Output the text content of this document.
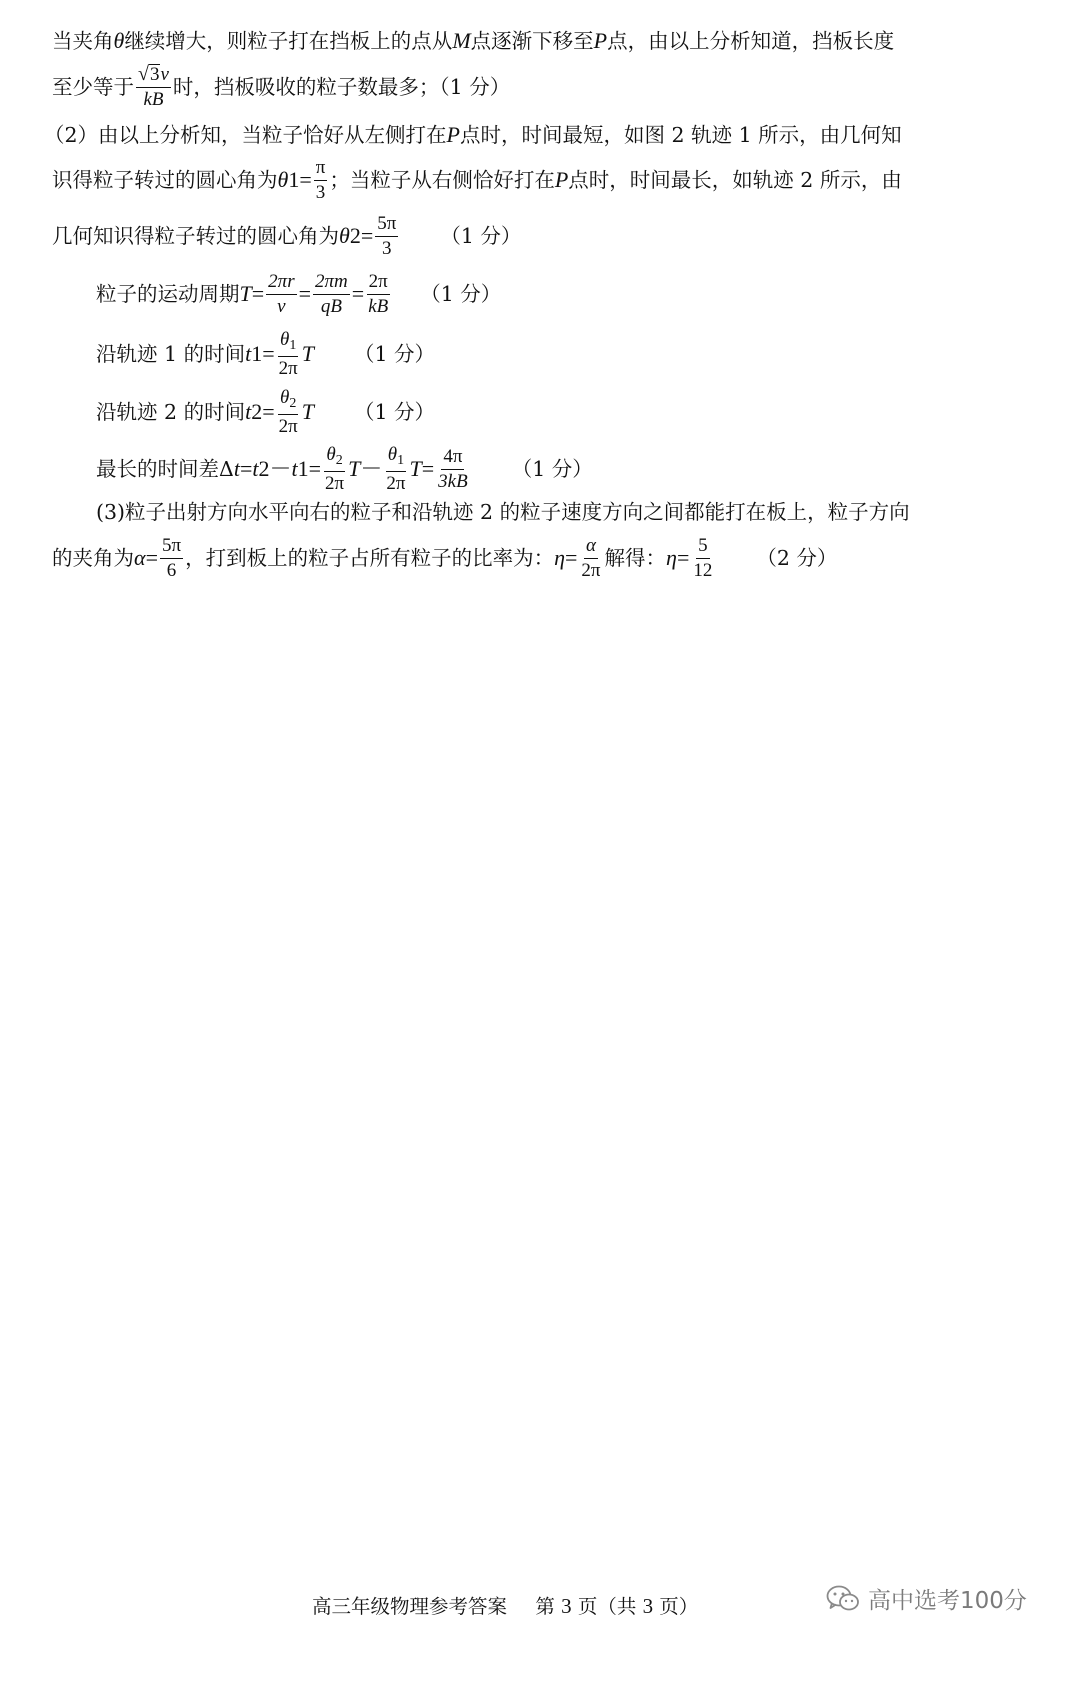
当夹角 θ 继续增大，则粒子打在挡板上的点从 M 点逐渐下移至 P 点，由以上分析知道，挡板长度
至少等于 $\frac{√ 3 v}{kB}$ 时，挡板吸收的粒子数最多；（1 分）
（2）由以上分析知，当粒子恰好从左侧打在 P 点时，时间最短，如图 2 轨迹 1 所示，由几何知
识得粒子转过的圆心角为 θ $1 = \frac{\pi}{3}$ ；当粒子从右侧恰好打在 P 点时，时间最长，如轨迹 2 所示，由
几何知识得粒子转过的圆心角为 θ $2 = \frac{5\pi}{3} (1$ 分）
粒子的运动周期 $T = \frac{2\pi r}{v} = \frac{2\pi m}{qB} = \frac{2\pi}{kB} (1$ 分）
沿轨迹 1 的时间 t $1 = \frac{\theta_1}{2\pi}$ T （1 分）
沿轨迹 2 的时间 t $2 = \frac{\theta_2}{2\pi}$ T （1 分）
最长的时间差Δ t = t 2 － t $1 = \frac{\theta_2}{2\pi}$ $T - \frac{\theta_1}{2\pi}$ $T = \frac{4\pi}{3kB} (1$ 分）
(3)粒子出射方向水平向右的粒子和沿轨迹 2 的粒子速度方向之间都能打在板上，粒子方向
的夹角为 $\alpha = \frac{5\pi}{6}$ ，打到板上的粒子占所有粒子的比率为： $\eta = \frac{\alpha}{2\pi}$ 解得： $\eta = \frac{5}{12} (2$ 分）
高三年级物理参考答案 第 3 页（共 3 页）	高中选考100分
